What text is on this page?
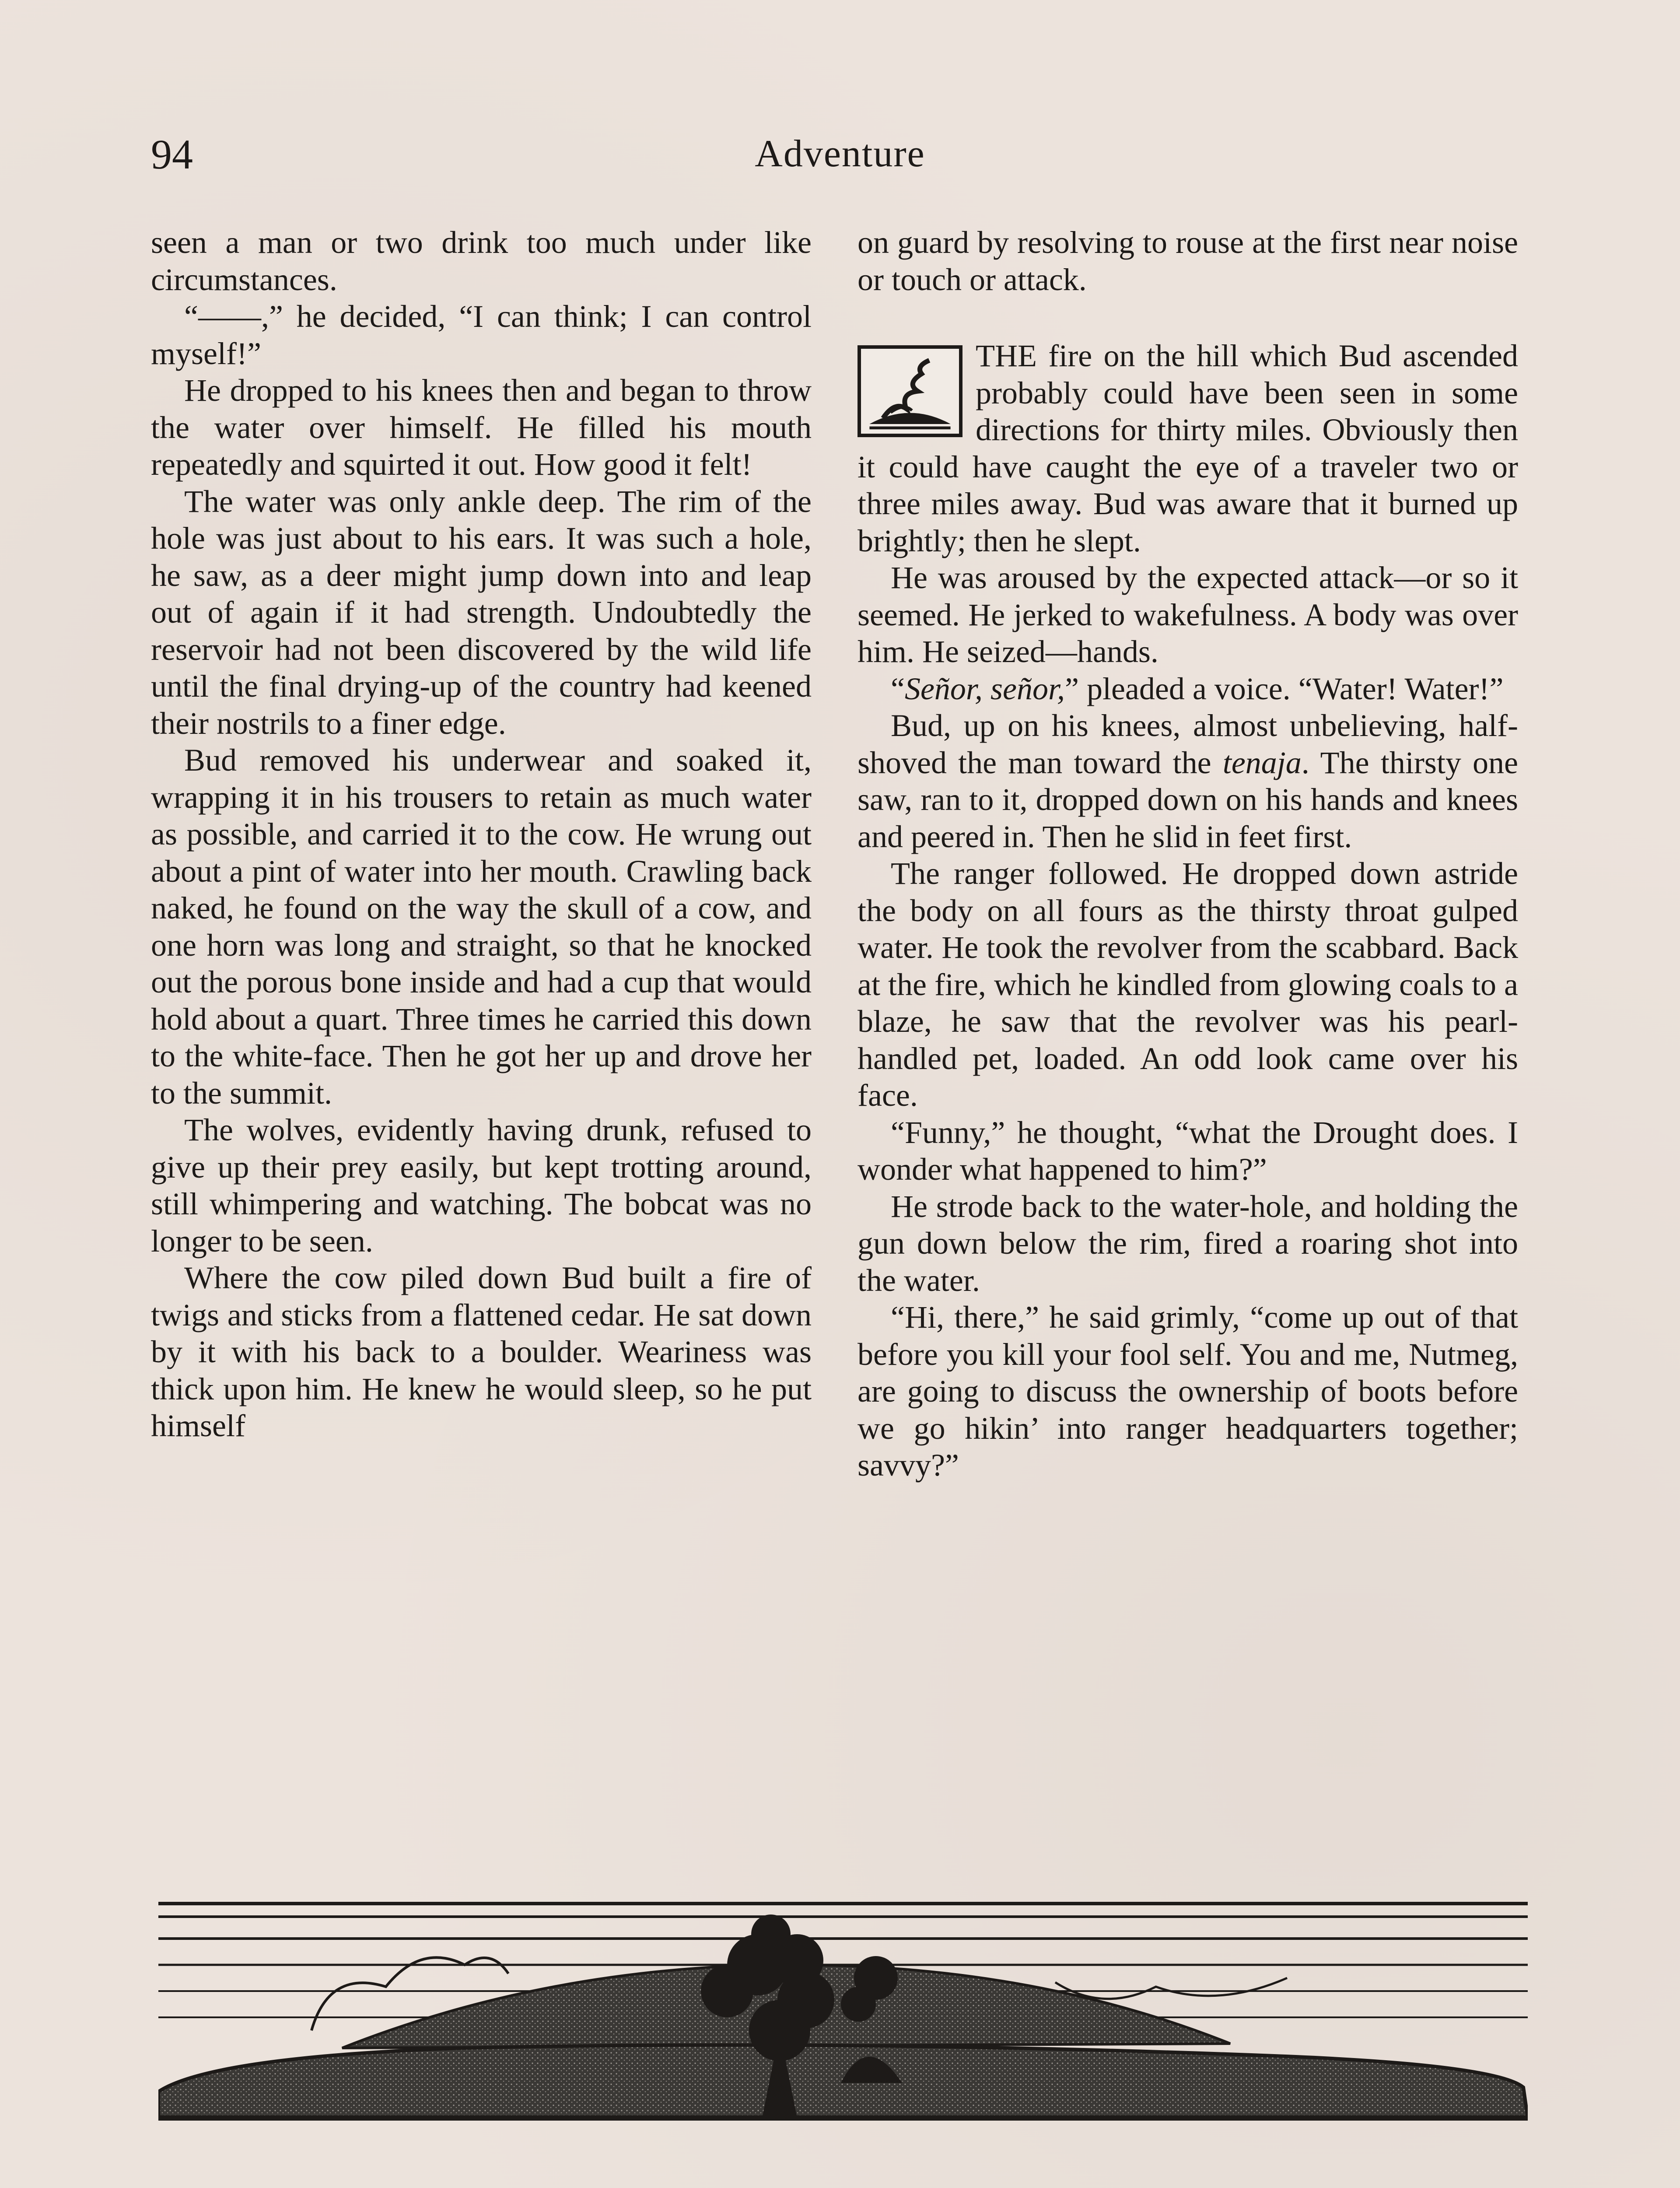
94	Adventure

seen a man or two drink too much under like circumstances.

“——,” he decided, “I can think; I can control myself!”

He dropped to his knees then and began to throw the water over himself. He filled his mouth repeatedly and squirted it out. How good it felt!

The water was only ankle deep. The rim of the hole was just about to his ears. It was such a hole, he saw, as a deer might jump down into and leap out of again if it had strength. Undoubtedly the reservoir had not been discovered by the wild life until the final drying-up of the country had keened their nostrils to a finer edge.

Bud removed his underwear and soaked it, wrapping it in his trousers to retain as much water as possible, and carried it to the cow. He wrung out about a pint of water into her mouth. Crawling back naked, he found on the way the skull of a cow, and one horn was long and straight, so that he knocked out the porous bone inside and had a cup that would hold about a quart. Three times he carried this down to the white-face. Then he got her up and drove her to the summit.

The wolves, evidently having drunk, refused to give up their prey easily, but kept trotting around, still whimpering and watching. The bobcat was no longer to be seen.

Where the cow piled down Bud built a fire of twigs and sticks from a flattened cedar. He sat down by it with his back to a boulder. Weariness was thick upon him. He knew he would sleep, so he put himself

on guard by resolving to rouse at the first near noise or touch or attack.

THE fire on the hill which Bud ascended probably could have been seen in some directions for thirty miles. Obviously then it could have caught the eye of a traveler two or three miles away. Bud was aware that it burned up brightly; then he slept.

He was aroused by the expected attack—or so it seemed. He jerked to wakefulness. A body was over him. He seized—hands.

“Señor, señor,” pleaded a voice. “Water! Water!”

Bud, up on his knees, almost unbelieving, half-shoved the man toward the tenaja. The thirsty one saw, ran to it, dropped down on his hands and knees and peered in. Then he slid in feet first.

The ranger followed. He dropped down astride the body on all fours as the thirsty throat gulped water. He took the revolver from the scabbard. Back at the fire, which he kindled from glowing coals to a blaze, he saw that the revolver was his pearl-handled pet, loaded. An odd look came over his face.

“Funny,” he thought, “what the Drought does. I wonder what happened to him?”

He strode back to the water-hole, and holding the gun down below the rim, fired a roaring shot into the water.

“Hi, there,” he said grimly, “come up out of that before you kill your fool self. You and me, Nutmeg, are going to discuss the ownership of boots before we go hikin’ into ranger headquarters together; savvy?”
